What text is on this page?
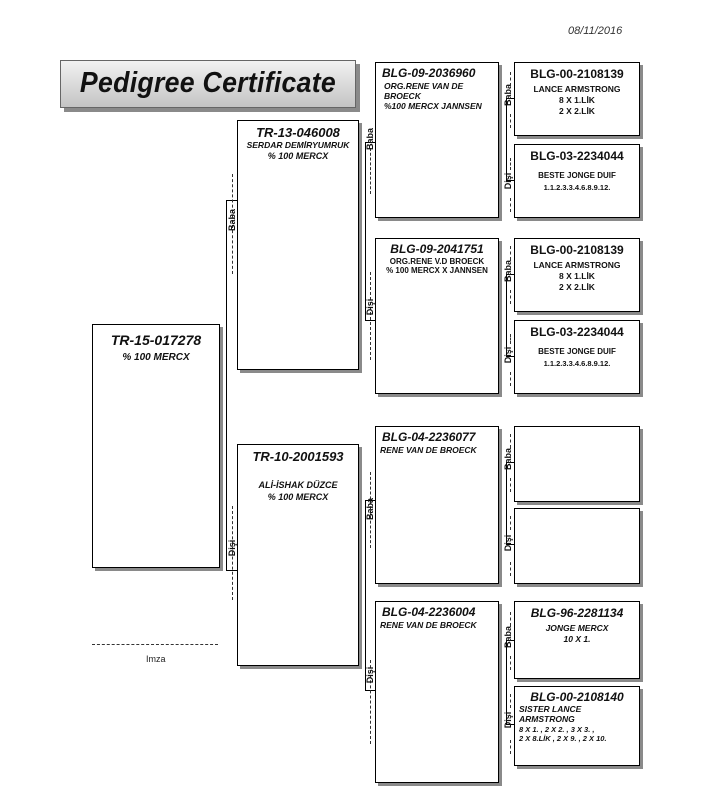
08/11/2016
Pedigree Certificate
TR-15-017278
% 100 MERCX
TR-13-046008
SERDAR DEMİRYUMRUK
% 100 MERCX
TR-10-2001593
ALİ-İSHAK DÜZCE
% 100 MERCX
BLG-09-2036960
ORG.RENE VAN DE
BROECK
%100 MERCX JANNSEN
BLG-09-2041751
ORG.RENE V.D BROECK
% 100 MERCX X JANNSEN
BLG-04-2236077
RENE VAN DE BROECK
BLG-04-2236004
RENE VAN DE BROECK
BLG-00-2108139
LANCE ARMSTRONG
8 X 1.LİK
2 X 2.LİK
BLG-03-2234044
BESTE JONGE DUIF
1.1.2.3.3.4.6.8.9.12.
BLG-00-2108139
LANCE ARMSTRONG
8 X 1.LİK
2 X 2.LİK
BLG-03-2234044
BESTE JONGE DUIF
1.1.2.3.3.4.6.8.9.12.
BLG-96-2281134
JONGE MERCX
10 X 1.
BLG-00-2108140
SISTER LANCE
ARMSTRONG
8 X 1. , 2 X 2. , 3 X 3. ,
2 X 8.LİK , 2 X 9. , 2 X 10.
Baba
Dişi
Baba
Dişi
Baba
Dişi
Baba
Dişi
Baba
Dişi
Baba
Dişi
Baba
Dişi
Imza
